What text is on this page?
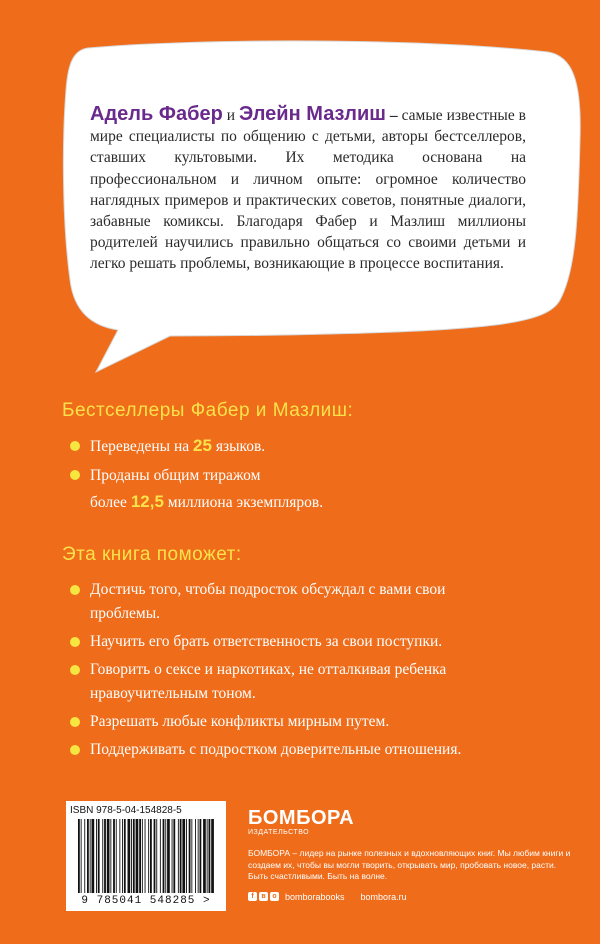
Адель Фабер и Элейн Мазлиш – самые известные в мире специалисты по общению с детьми, авторы бестселлеров, ставших культовыми. Их методика основана на профессиональном и личном опыте: огромное количество наглядных примеров и практических советов, понятные диалоги, забавные комиксы. Благодаря Фабер и Мазлиш миллионы родителей научились правильно общаться со своими детьми и легко решать проблемы, возникающие в процессе воспитания.
Бестселлеры Фабер и Мазлиш:
Переведены на 25 языков.
Проданы общим тиражом
более 12,5 миллиона экземпляров.
Эта книга поможет:
Достичь того, чтобы подросток обсуждал с вами свои проблемы.
Научить его брать ответственность за свои поступки.
Говорить о сексе и наркотиках, не отталкивая ребенка нравоучительным тоном.
Разрешать любые конфликты мирным путем.
Поддерживать с подростком доверительные отношения.
ISBN 978-5-04-154828-5
9 785041 548285 >
БОМБОРА
ИЗДАТЕЛЬСТВО
БОМБОРА – лидер на рынке полезных и вдохновляющих книг. Мы любим книги и создаем их, чтобы вы могли творить, открывать мир, пробовать новое, расти. Быть счастливыми. Быть на волне.
f	в о bomborabooks bombora.ru
